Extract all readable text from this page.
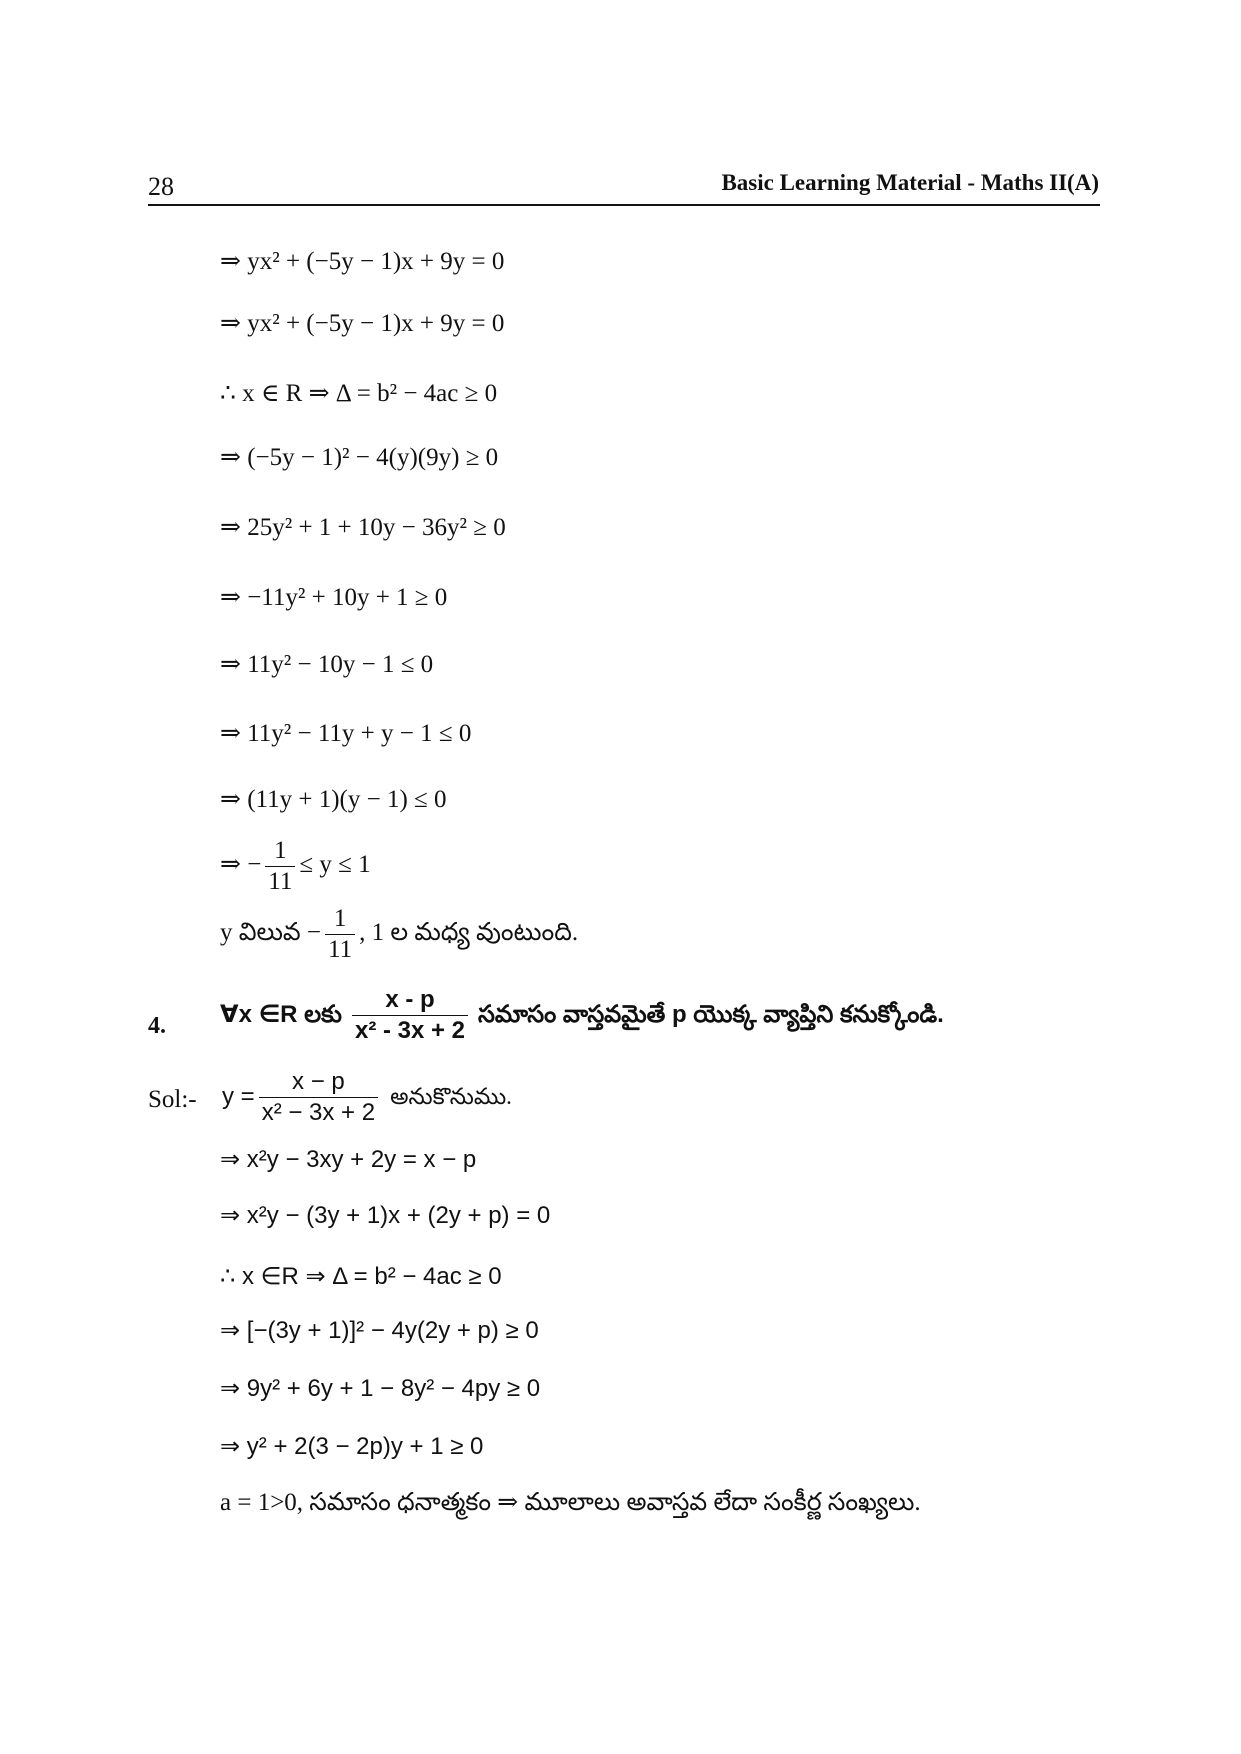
28	Basic Learning Material - Maths II(A)
⇒ yx² + (−5y − 1)x + 9y = 0
⇒ yx² + (−5y − 1)x + 9y = 0
∴ x ∈ R ⇒ Δ = b² − 4ac ≥ 0
⇒ (−5y − 1)² − 4(y)(9y) ≥ 0
⇒ 25y² + 1 + 10y − 36y² ≥ 0
⇒ −11y² + 10y + 1 ≥ 0
⇒ 11y² − 10y − 1 ≤ 0
⇒ 11y² − 11y + y − 1 ≤ 0
⇒ (11y + 1)(y − 1) ≤ 0
⇒ − $\frac{1}{11} \le y \le 1$
y విలువ − $\frac{1}{11}$ , 1 ల మధ్య వుంటుంది.
4. ∀x ∈R లకు $\frac{x - p}{\text{x² - 3x + 2}}$ సమాసం వాస్తవమైతే p యొక్క వ్యాప్తిని కనుక్కోండి.
Sol:- $y = \frac{x - p}{\text{x² − 3x + 2}}$ అనుకొనుము.
⇒ x²y − 3xy + 2y = x − p
⇒ x²y − (3y + 1)x + (2y + p) = 0
∴ x ∈R ⇒ Δ = b² − 4ac ≥ 0
⇒ [−(3y + 1)]² − 4y(2y + p) ≥ 0
⇒ 9y² + 6y + 1 − 8y² − 4py ≥ 0
⇒ y² + 2(3 − 2p)y + 1 ≥ 0
a = 1>0, సమాసం ధనాత్మకం ⇒ మూలాలు అవాస్తవ లేదా సంకీర్ణ సంఖ్యలు.
